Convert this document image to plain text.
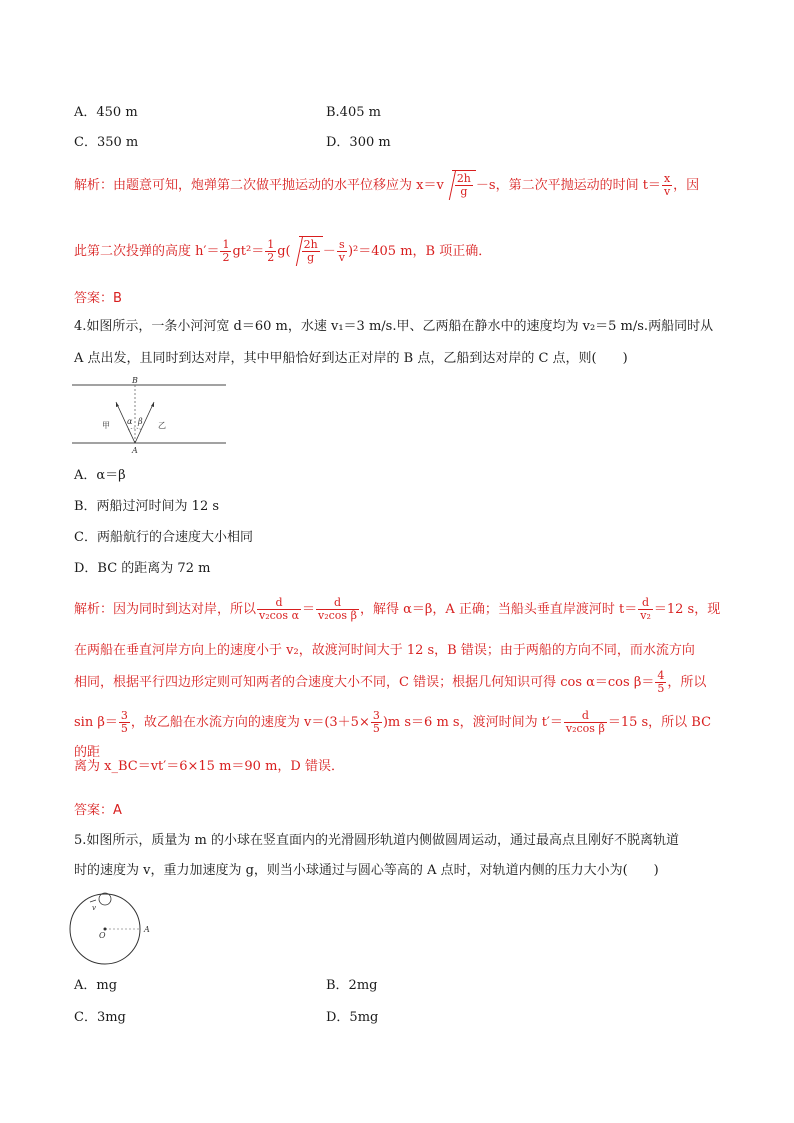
A．450 m	B.405 m
C．350 m	D．300 m
解析：由题意可知，炮弹第二次做平抛运动的水平位移应为 $x=v \frac{2h}{g} -s$，第二次平抛运动的时间 $t= \frac{x}{v}$ ，因
此第二次投弹的高度 $h'= \frac{1}{2} gt^2= \frac{1}{2} g( \frac{2h}{g} - \frac{s}{v} )^2=405$ m，B 项正确．
答案：B
4.如图所示，一条小河河宽 d＝60 m，水速 v₁＝3 m/s.甲、乙两船在静水中的速度均为 v₂＝5 m/s.两船同时从
A 点出发，且同时到达对岸，其中甲船恰好到达正对岸的 B 点，乙船到达对岸的 C 点，则(　　)
B
A
甲	乙
α β
A．α＝β
B．两船过河时间为 12 s
C．两船航行的合速度大小相同
D．BC 的距离为 72 m
解析：因为同时到达对岸，所以 $\frac{d}{\text{v₂cos α}} = \frac{d}{\text{v₂cos β}}$ ，解得 α＝β，A 正确；当船头垂直岸渡河时 $t= \frac{d}{\text{v₂}} =12$ s，现
在两船在垂直河岸方向上的速度小于 v₂，故渡河时间大于 12 s，B 错误；由于两船的方向不同，而水流方向
相同，根据平行四边形定则可知两者的合速度大小不同，C 错误；根据几何知识可得 cos α＝cos $\beta= \frac{4}{5}$ ，所以
$\sin \beta= \frac{3}{5}$ ，故乙船在水流方向的速度为 $v=(3+5\times \frac{3}{5} )m$ s＝6 m s，渡河时间为 $t'= \frac{d}{\text{v₂cos β}} =15$ s，所以 BC 的距
离为 x_BC＝vt′＝6×15 m＝90 m，D 错误．
答案：A
5.如图所示，质量为 m 的小球在竖直面内的光滑圆形轨道内侧做圆周运动，通过最高点且刚好不脱离轨道
时的速度为 v，重力加速度为 g，则当小球通过与圆心等高的 A 点时，对轨道内侧的压力大小为(　　)
O
A
v
A．mg	B．2mg
C．3mg	D．5mg
